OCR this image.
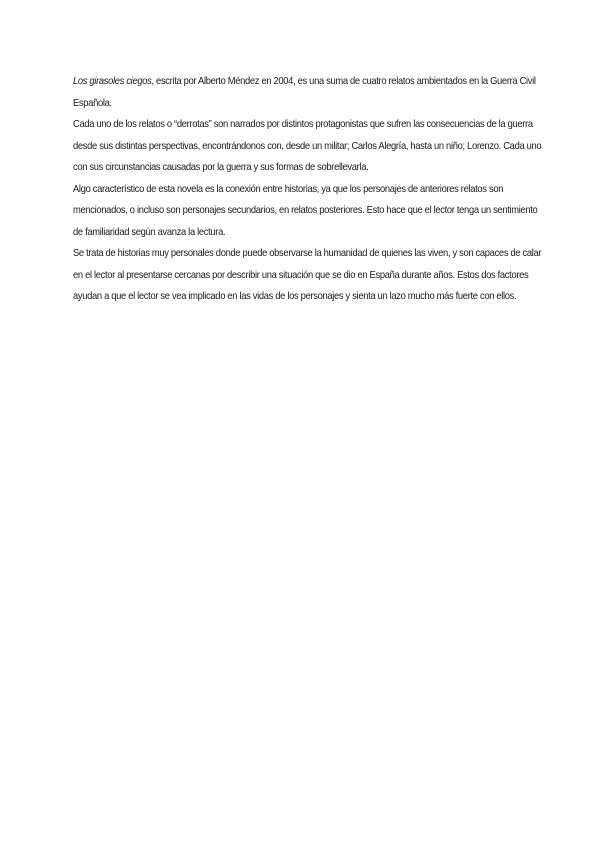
Los girasoles ciegos, escrita por Alberto Méndez en 2004, es una suma de cuatro relatos ambientados en la Guerra Civil Española.

Cada uno de los relatos o “derrotas” son narrados por distintos protagonistas que sufren las consecuencias de la guerra desde sus distintas perspectivas, encontrándonos con, desde un militar; Carlos Alegría, hasta un niño; Lorenzo. Cada uno con sus circunstancias causadas por la guerra y sus formas de sobrellevarla.

Algo característico de esta novela es la conexión entre historias, ya que los personajes de anteriores relatos son mencionados, o incluso son personajes secundarios, en relatos posteriores. Esto hace que el lector tenga un sentimiento de familiaridad según avanza la lectura.

Se trata de historias muy personales donde puede observarse la humanidad de quienes las viven, y son capaces de calar en el lector al presentarse cercanas por describir una situación que se dio en España durante años. Estos dos factores ayudan a que el lector se vea implicado en las vidas de los personajes y sienta un lazo mucho más fuerte con ellos.
